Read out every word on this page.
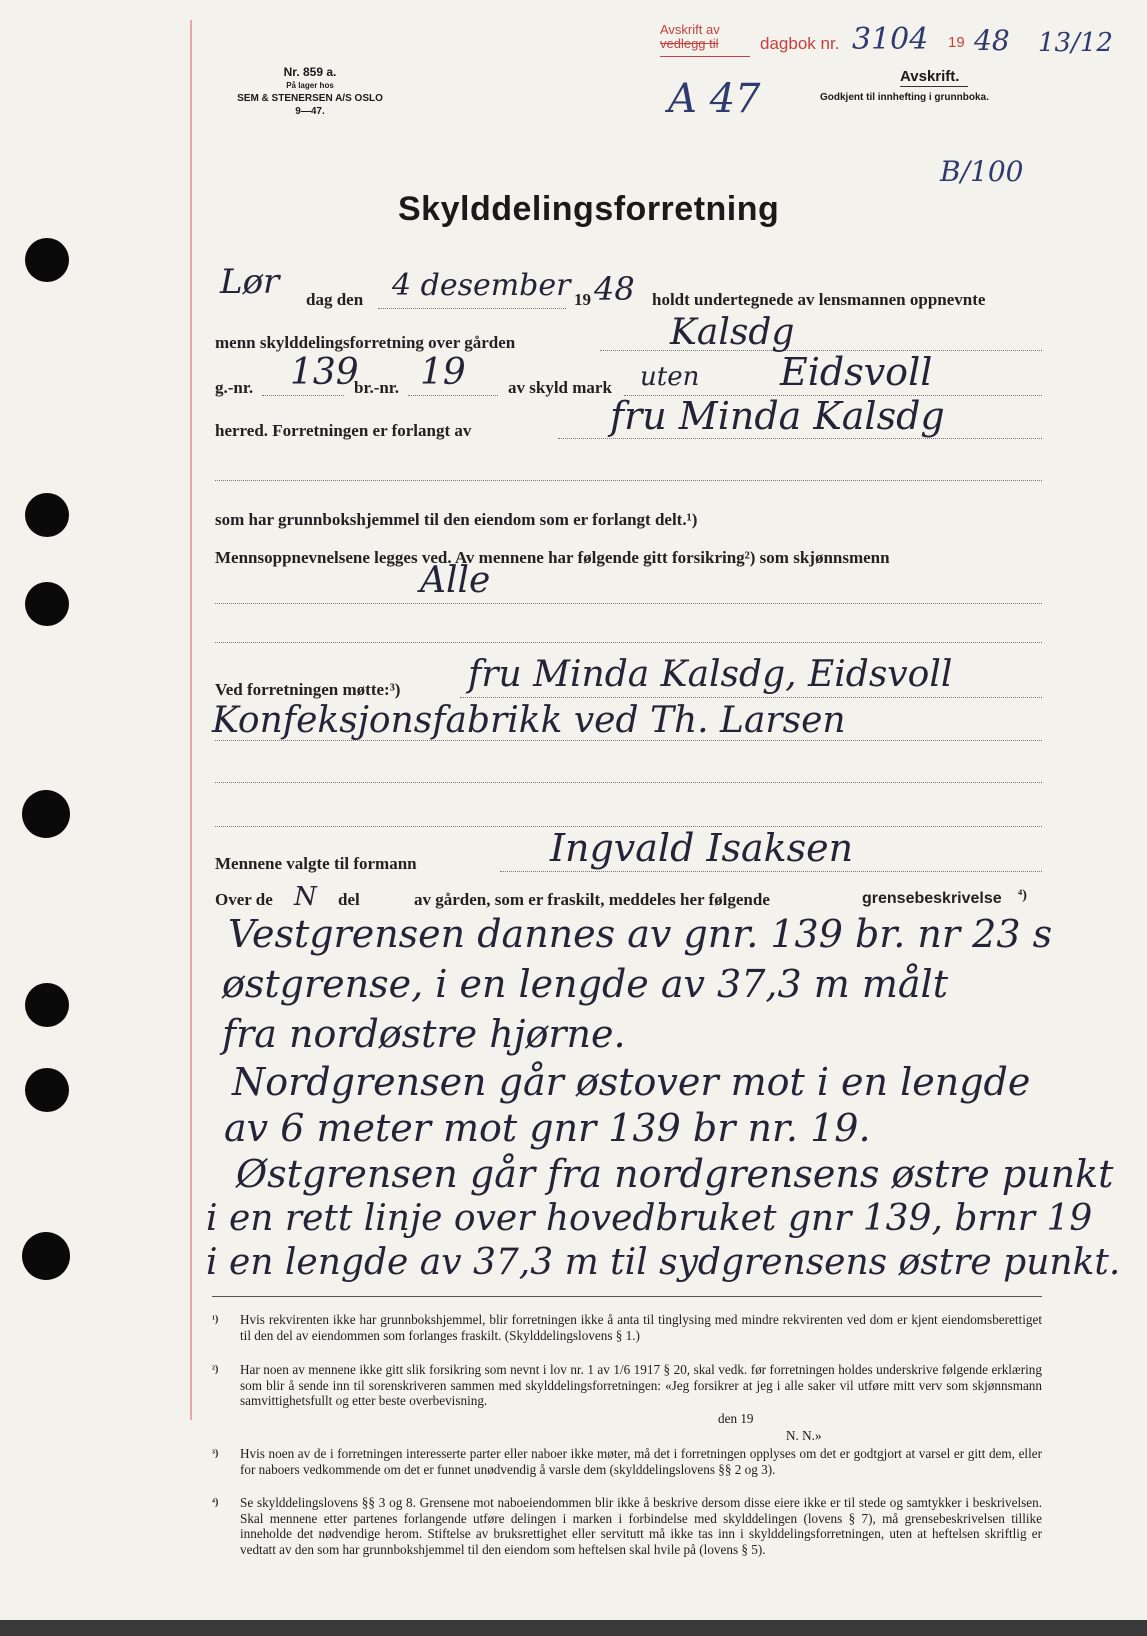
Nr. 859 a.
På lager hos
SEM & STENERSEN A/S OSLO
9—47.
Avskrift av
vedlegg til dagbok nr. 3104 19 48 13/12
A 47	Avskrift.
Godkjent til innhefting i grunnboka.
B/100
Skylddelingsforretning
Lør dag den 4 desember 19 48 holdt undertegnede av lensmannen oppnevnte
menn skylddelingsforretning over gården	Kalsdg
g.-nr. 139
br.-nr. 19 av skyld mark uten Eidsvoll
herred. Forretningen er forlangt av	fru Minda Kalsdg
som har grunnbokshjemmel til den eiendom som er forlangt delt.¹)
Mennsoppnevnelsene legges ved. Av mennene har følgende gitt forsikring²) som skjønnsmenn
Alle
Ved forretningen møtte:³) fru Minda Kalsdg, Eidsvoll
Konfeksjonsfabrikk ved Th. Larsen
Mennene valgte til formann	Ingvald Isaksen
Over de N del	av gården, som er fraskilt, meddeles her følgende	grensebeskrivelse ⁴)
Vestgrensen dannes av gnr. 139 br. nr 23 s
østgrense, i en lengde av 37,3 m målt
fra nordøstre hjørne.
Nordgrensen går østover mot i en lengde
av 6 meter mot gnr 139 br nr. 19.
Østgrensen går fra nordgrensens østre punkt
i en rett linje over hovedbruket gnr 139, brnr 19
i en lengde av 37,3 m til sydgrensens østre punkt.
¹) Hvis rekvirenten ikke har grunnbokshjemmel, blir forretningen ikke å anta til tinglysing med mindre rekvirenten ved dom er kjent eiendomsberettiget til den del av eiendommen som forlanges fraskilt. (Skylddelingslovens § 1.)
²) Har noen av mennene ikke gitt slik forsikring som nevnt i lov nr. 1 av 1/6 1917 § 20, skal vedk. før forretningen holdes underskrive følgende erklæring som blir å sende inn til sorenskriveren sammen med skylddelingsforretningen: «Jeg forsikrer at jeg i alle saker vil utføre mitt verv som skjønnsmann samvittighetsfullt og etter beste overbevisning.
den 19
N. N.»
³) Hvis noen av de i forretningen interesserte parter eller naboer ikke møter, må det i forretningen opplyses om det er godtgjort at varsel er gitt dem, eller for naboers vedkommende om det er funnet unødvendig å varsle dem (skylddelingslovens §§ 2 og 3).
⁴) Se skylddelingslovens §§ 3 og 8. Grensene mot naboeiendommen blir ikke å beskrive dersom disse eiere ikke er til stede og samtykker i beskrivelsen. Skal mennene etter partenes forlangende utføre delingen i marken i forbindelse med skylddelingen (lovens § 7), må grensebeskrivelsen tillike inneholde det nødvendige herom. Stiftelse av bruksrettighet eller servitutt må ikke tas inn i skylddelingsforretningen, uten at heftelsen skriftlig er vedtatt av den som har grunnbokshjemmel til den eiendom som heftelsen skal hvile på (lovens § 5).
